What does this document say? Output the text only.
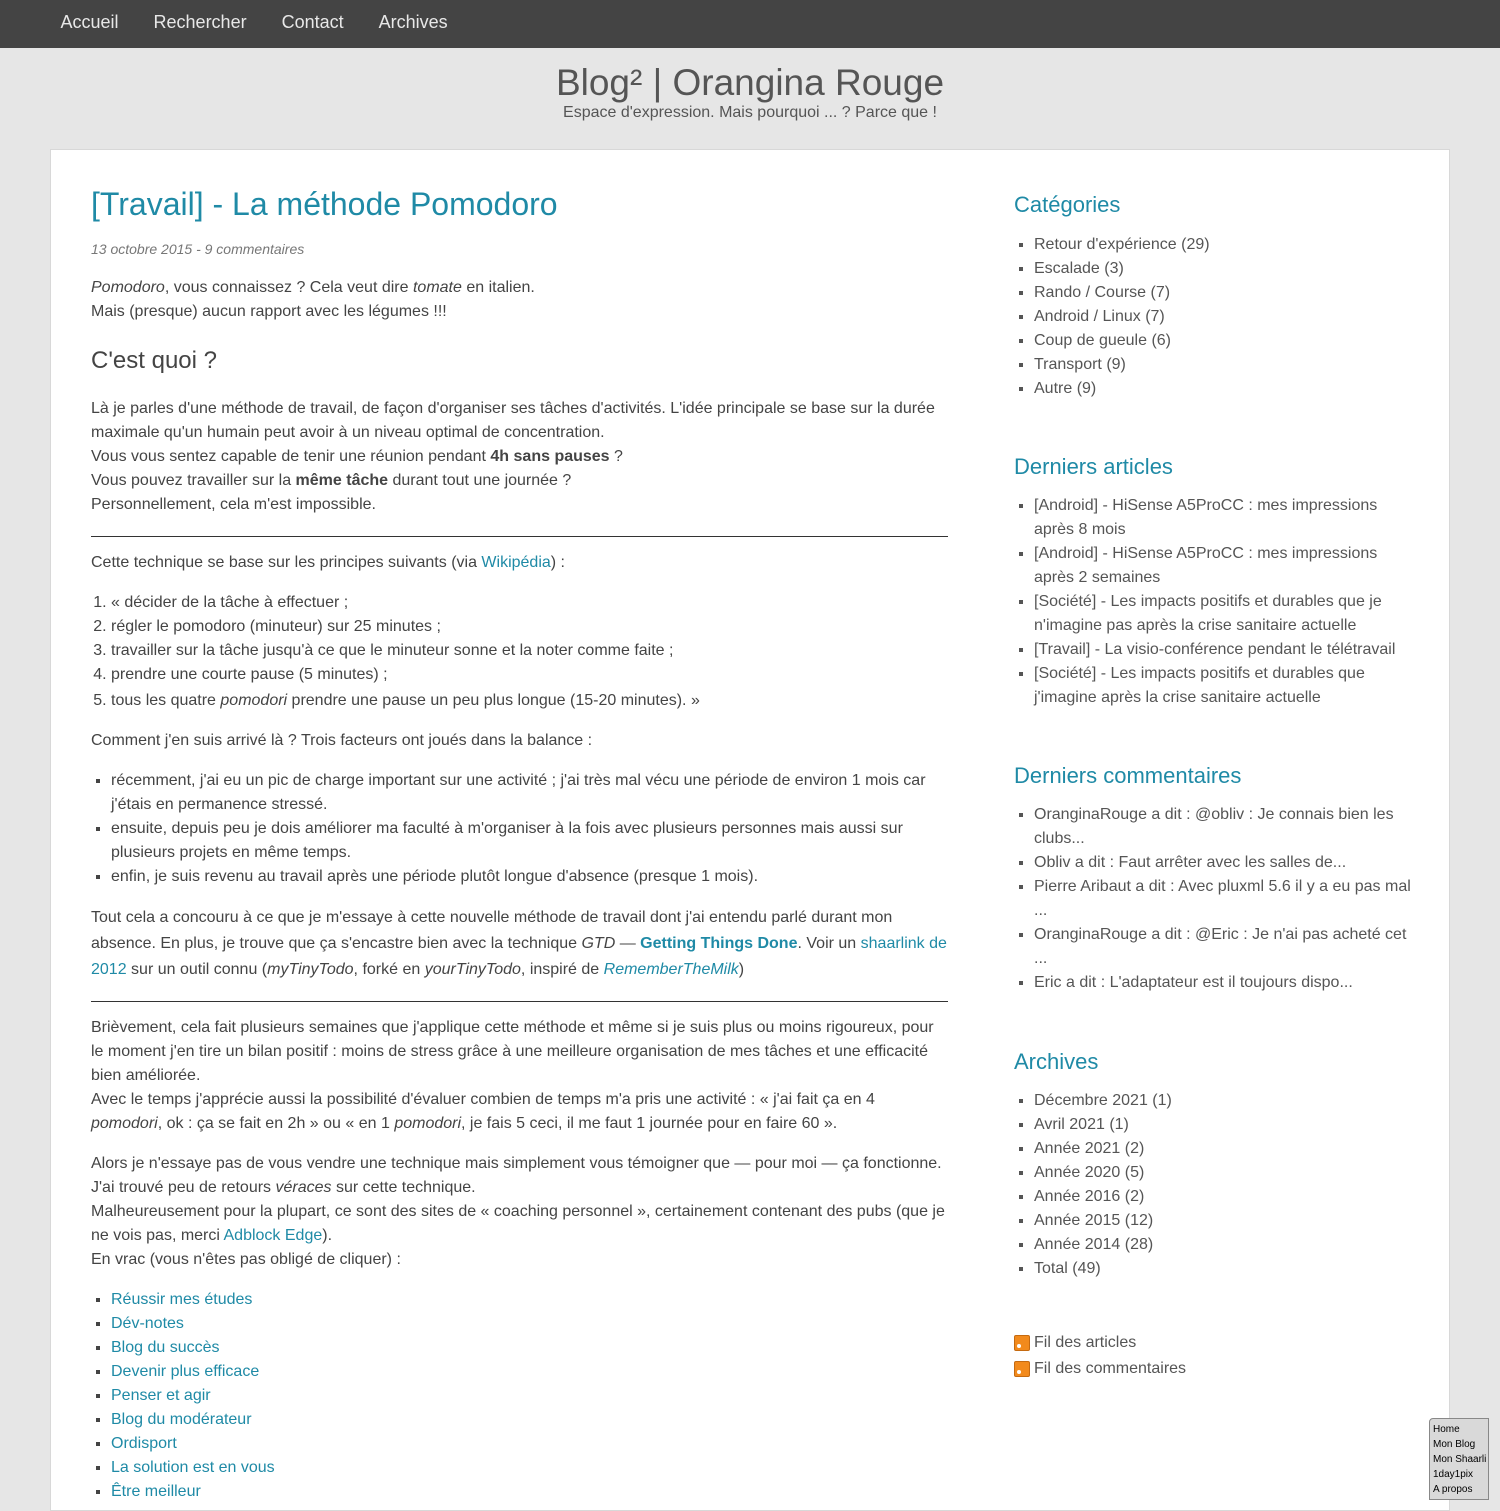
Accueil	Rechercher	Contact	Archives
Blog² | Orangina Rouge
Espace d'expression. Mais pourquoi ... ? Parce que !
[Travail] - La méthode Pomodoro
13 octobre 2015 - 9 commentaires

Pomodoro, vous connaissez ? Cela veut dire tomate en italien.

Mais (presque) aucun rapport avec les légumes !!!

C'est quoi ?

Là je parles d'une méthode de travail, de façon d'organiser ses tâches d'activités. L'idée principale se base sur la durée maximale qu'un humain peut avoir à un niveau optimal de concentration.
Vous vous sentez capable de tenir une réunion pendant 4h sans pauses ?
Vous pouvez travailler sur la même tâche durant tout une journée ?
Personnellement, cela m'est impossible.

Cette technique se base sur les principes suivants (via Wikipédia) :

1. « décider de la tâche à effectuer ;
2. régler le pomodoro (minuteur) sur 25 minutes ;
3. travailler sur la tâche jusqu'à ce que le minuteur sonne et la noter comme faite ;
4. prendre une courte pause (5 minutes) ;
5. tous les quatre pomodori prendre une pause un peu plus longue (15-20 minutes). »

Comment j'en suis arrivé là ? Trois facteurs ont joués dans la balance :

▪ récemment, j'ai eu un pic de charge important sur une activité ; j'ai très mal vécu une période de environ 1 mois car j'étais en permanence stressé.
▪ ensuite, depuis peu je dois améliorer ma faculté à m'organiser à la fois avec plusieurs personnes mais aussi sur plusieurs projets en même temps.
▪ enfin, je suis revenu au travail après une période plutôt longue d'absence (presque 1 mois).

Tout cela a concouru à ce que je m'essaye à cette nouvelle méthode de travail dont j'ai entendu parlé durant mon absence. En plus, je trouve que ça s'encastre bien avec la technique GTD — Getting Things Done. Voir un shaarlink de 2012 sur un outil connu (myTinyTodo, forké en yourTinyTodo, inspiré de RememberTheMilk)

Brièvement, cela fait plusieurs semaines que j'applique cette méthode et même si je suis plus ou moins rigoureux, pour le moment j'en tire un bilan positif : moins de stress grâce à une meilleure organisation de mes tâches et une efficacité bien améliorée.
Avec le temps j'apprécie aussi la possibilité d'évaluer combien de temps m'a pris une activité : « j'ai fait ça en 4 pomodori, ok : ça se fait en 2h » ou « en 1 pomodori, je fais 5 ceci, il me faut 1 journée pour en faire 60 ».

Alors je n'essaye pas de vous vendre une technique mais simplement vous témoigner que — pour moi — ça fonctionne.
J'ai trouvé peu de retours véraces sur cette technique.
Malheureusement pour la plupart, ce sont des sites de « coaching personnel », certainement contenant des pubs (que je ne vois pas, merci Adblock Edge).
En vrac (vous n'êtes pas obligé de cliquer) :

▪ Réussir mes études
▪ Dév-notes
▪ Blog du succès
▪ Devenir plus efficace
▪ Penser et agir
▪ Blog du modérateur
▪ Ordisport
▪ La solution est en vous
▪ Être meilleur
Catégories
▪ Retour d'expérience (29)
▪ Escalade (3)
▪ Rando / Course (7)
▪ Android / Linux (7)
▪ Coup de gueule (6)
▪ Transport (9)
▪ Autre (9)
Derniers articles
▪ [Android] - HiSense A5ProCC : mes impressions après 8 mois
▪ [Android] - HiSense A5ProCC : mes impressions après 2 semaines
▪ [Société] - Les impacts positifs et durables que je n'imagine pas après la crise sanitaire actuelle
▪ [Travail] - La visio-conférence pendant le télétravail
▪ [Société] - Les impacts positifs et durables que j'imagine après la crise sanitaire actuelle
Derniers commentaires
▪ OranginaRouge a dit : @obliv : Je connais bien les clubs...
▪ Obliv a dit : Faut arrêter avec les salles de...
▪ Pierre Aribaut a dit : Avec pluxml 5.6 il y a eu pas mal ...
▪ OranginaRouge a dit : @Eric : Je n'ai pas acheté cet ...
▪ Eric a dit : L'adaptateur est il toujours dispo...
Archives
▪ Décembre 2021 (1)
▪ Avril 2021 (1)
▪ Année 2021 (2)
▪ Année 2020 (5)
▪ Année 2016 (2)
▪ Année 2015 (12)
▪ Année 2014 (28)
▪ Total (49)
Fil des articles
Fil des commentaires
Home
Mon Blog
Mon Shaarli
1day1pix
A propos
